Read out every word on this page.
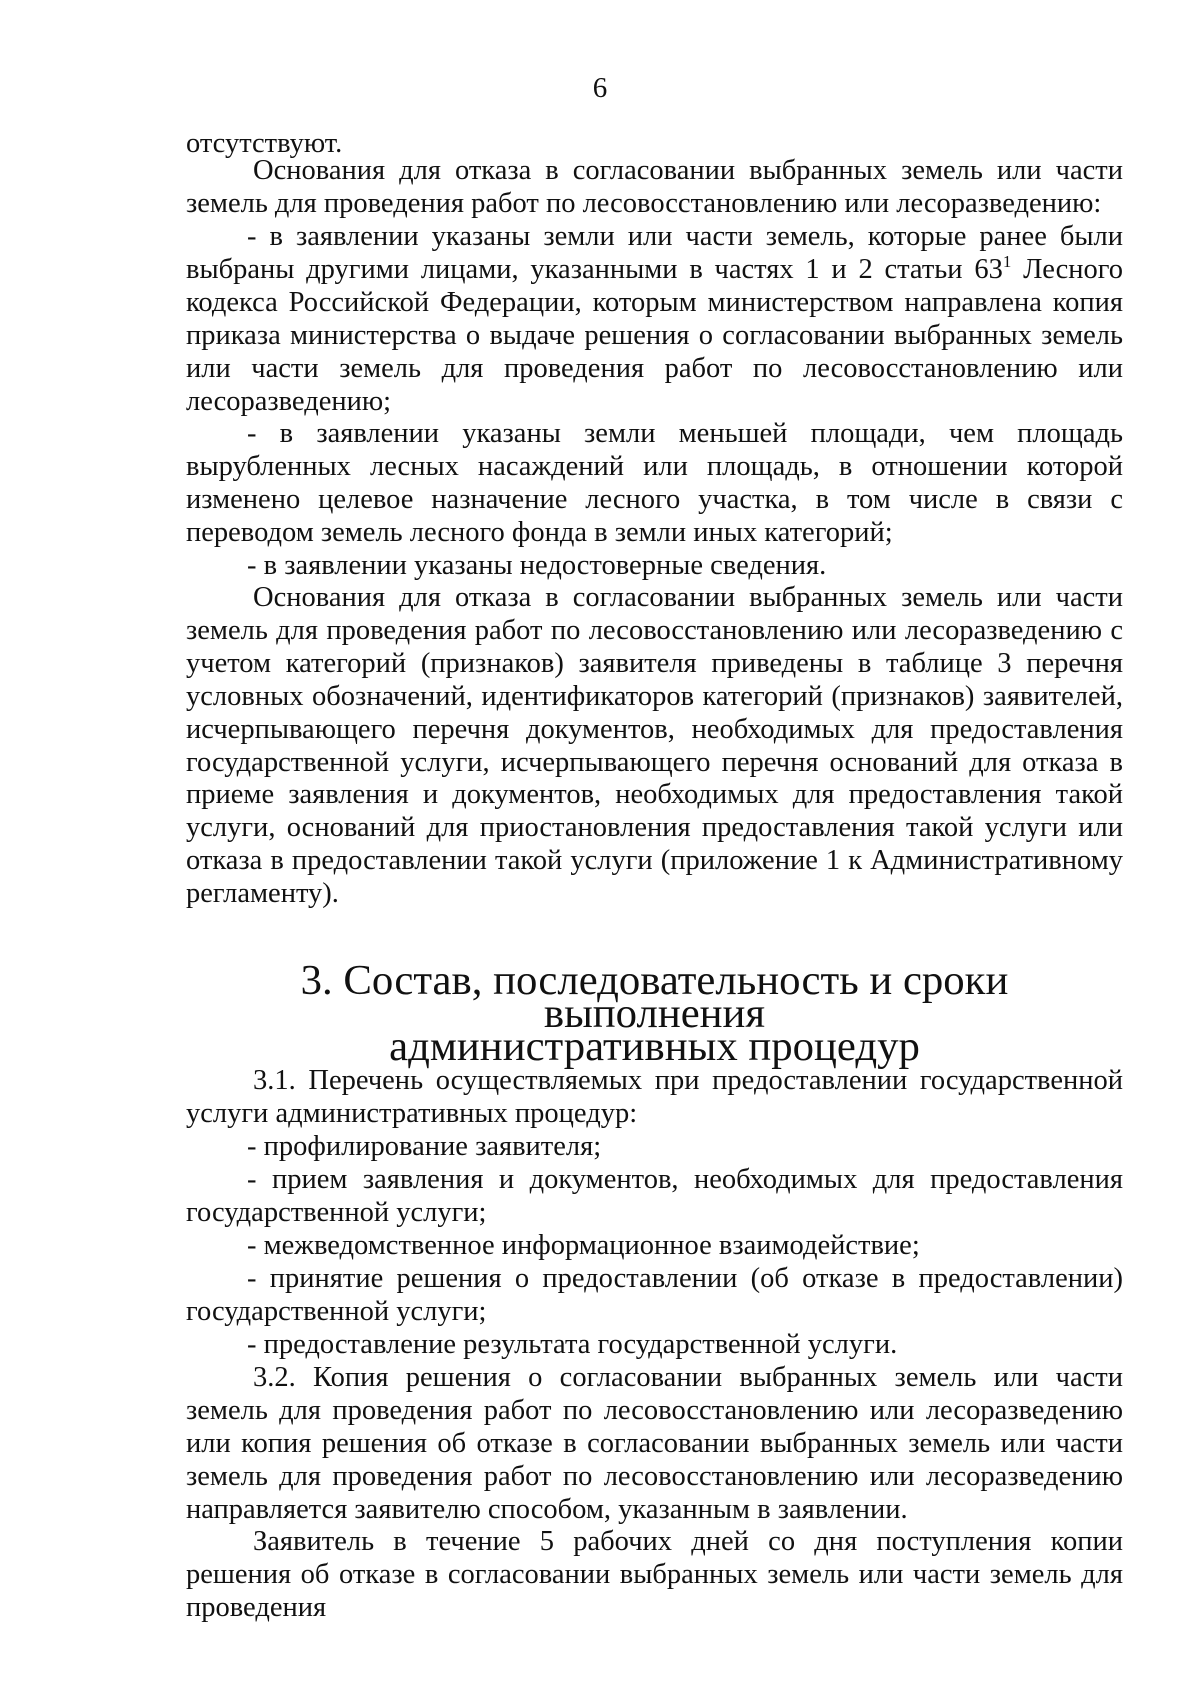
6

отсутствуют.

Основания для отказа в согласовании выбранных земель или части земель для проведения работ по лесовосстановлению или лесоразведению:

- в заявлении указаны земли или части земель, которые ранее были выбраны другими лицами, указанными в частях 1 и 2 статьи $63^1$ Лесного кодекса Российской Федерации, которым министерством направлена копия приказа министерства о выдаче решения о согласовании выбранных земель или части земель для проведения работ по лесовосстановлению или лесоразведению;

- в заявлении указаны земли меньшей площади, чем площадь вырубленных лесных насаждений или площадь, в отношении которой изменено целевое назначение лесного участка, в том числе в связи с переводом земель лесного фонда в земли иных категорий;

- в заявлении указаны недостоверные сведения.

Основания для отказа в согласовании выбранных земель или части земель для проведения работ по лесовосстановлению или лесоразведению с учетом категорий (признаков) заявителя приведены в таблице 3 перечня условных обозначений, идентификаторов категорий (признаков) заявителей, исчерпывающего перечня документов, необходимых для предоставления государственной услуги, исчерпывающего перечня оснований для отказа в приеме заявления и документов, необходимых для предоставления такой услуги, оснований для приостановления предоставления такой услуги или отказа в предоставлении такой услуги (приложение 1 к Административному регламенту).

3. Состав, последовательность и сроки выполнения
административных процедур

3.1. Перечень осуществляемых при предоставлении государственной услуги административных процедур:

- профилирование заявителя;

- прием заявления и документов, необходимых для предоставления государственной услуги;

- межведомственное информационное взаимодействие;

- принятие решения о предоставлении (об отказе в предоставлении) государственной услуги;

- предоставление результата государственной услуги.

3.2. Копия решения о согласовании выбранных земель или части земель для проведения работ по лесовосстановлению или лесоразведению или копия решения об отказе в согласовании выбранных земель или части земель для проведения работ по лесовосстановлению или лесоразведению направляется заявителю способом, указанным в заявлении.

Заявитель в течение 5 рабочих дней со дня поступления копии решения об отказе в согласовании выбранных земель или части земель для проведения
